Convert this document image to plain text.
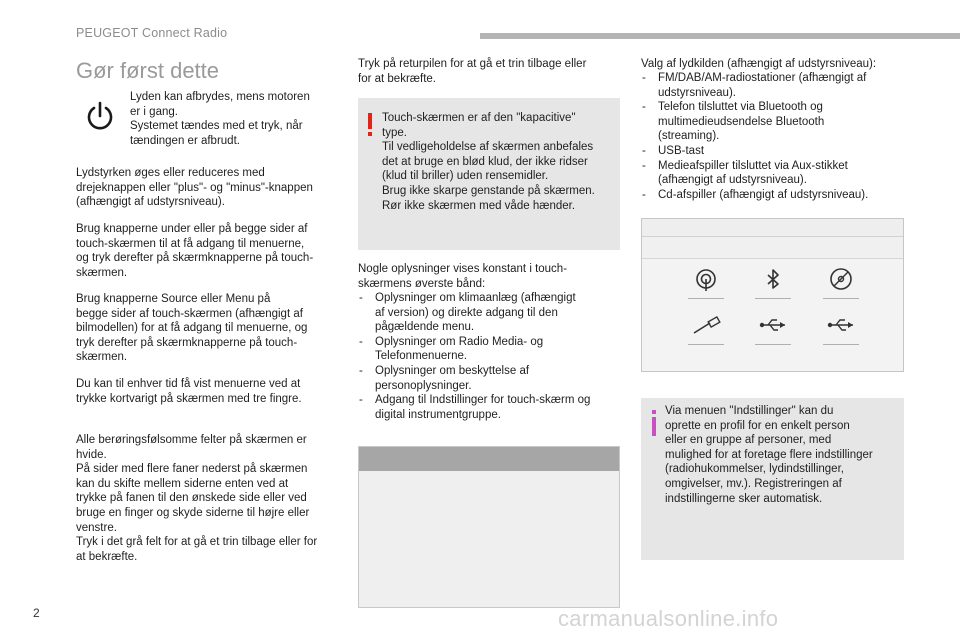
PEUGEOT Connect Radio
Gør først dette
Lyden kan afbrydes, mens motoren
er i gang.
Systemet tændes med et tryk, når
tændingen er afbrudt.

Lydstyrken øges eller reduceres med
drejeknappen eller "plus"- og "minus"-knappen
(afhængigt af udstyrsniveau).

Brug knapperne under eller på begge sider af
touch-skærmen til at få adgang til menuerne,
og tryk derefter på skærmknapperne på touch-
skærmen.

Brug knapperne Source eller Menu på
begge sider af touch-skærmen (afhængigt af
bilmodellen) for at få adgang til menuerne, og
tryk derefter på skærmknapperne på touch-
skærmen.

Du kan til enhver tid få vist menuerne ved at
trykke kortvarigt på skærmen med tre fingre.

Alle berøringsfølsomme felter på skærmen er
hvide.
På sider med flere faner nederst på skærmen
kan du skifte mellem siderne enten ved at
trykke på fanen til den ønskede side eller ved
bruge en finger og skyde siderne til højre eller
venstre.
Tryk i det grå felt for at gå et trin tilbage eller for
at bekræfte.

Tryk på returpilen for at gå et trin tilbage eller
for at bekræfte.

Touch-skærmen er af den "kapacitive"
type.
Til vedligeholdelse af skærmen anbefales
det at bruge en blød klud, der ikke ridser
(klud til briller) uden rensemidler.
Brug ikke skarpe genstande på skærmen.
Rør ikke skærmen med våde hænder.

Nogle oplysninger vises konstant i touch-
skærmens øverste bånd:

- Oplysninger om klimaanlæg (afhængigt
af version) og direkte adgang til den
pågældende menu.
- Oplysninger om Radio Media- og
Telefonmenuerne.
- Oplysninger om beskyttelse af
personoplysninger.
- Adgang til Indstillinger for touch-skærm og
digital instrumentgruppe.

Valg af lydkilden (afhængigt af udstyrsniveau):

- FM/DAB/AM-radiostationer (afhængigt af
udstyrsniveau).
- Telefon tilsluttet via Bluetooth og
multimedieudsendelse Bluetooth
(streaming).
- USB-tast
- Medieafspiller tilsluttet via Aux-stikket
(afhængigt af udstyrsniveau).
- Cd-afspiller (afhængigt af udstyrsniveau).
Via menuen "Indstillinger" kan du
oprette en profil for en enkelt person
eller en gruppe af personer, med
mulighed for at foretage flere indstillinger
(radiohukommelser, lydindstillinger,
omgivelser, mv.). Registreringen af
indstillingerne sker automatisk.
2	carmanualsonline.info
